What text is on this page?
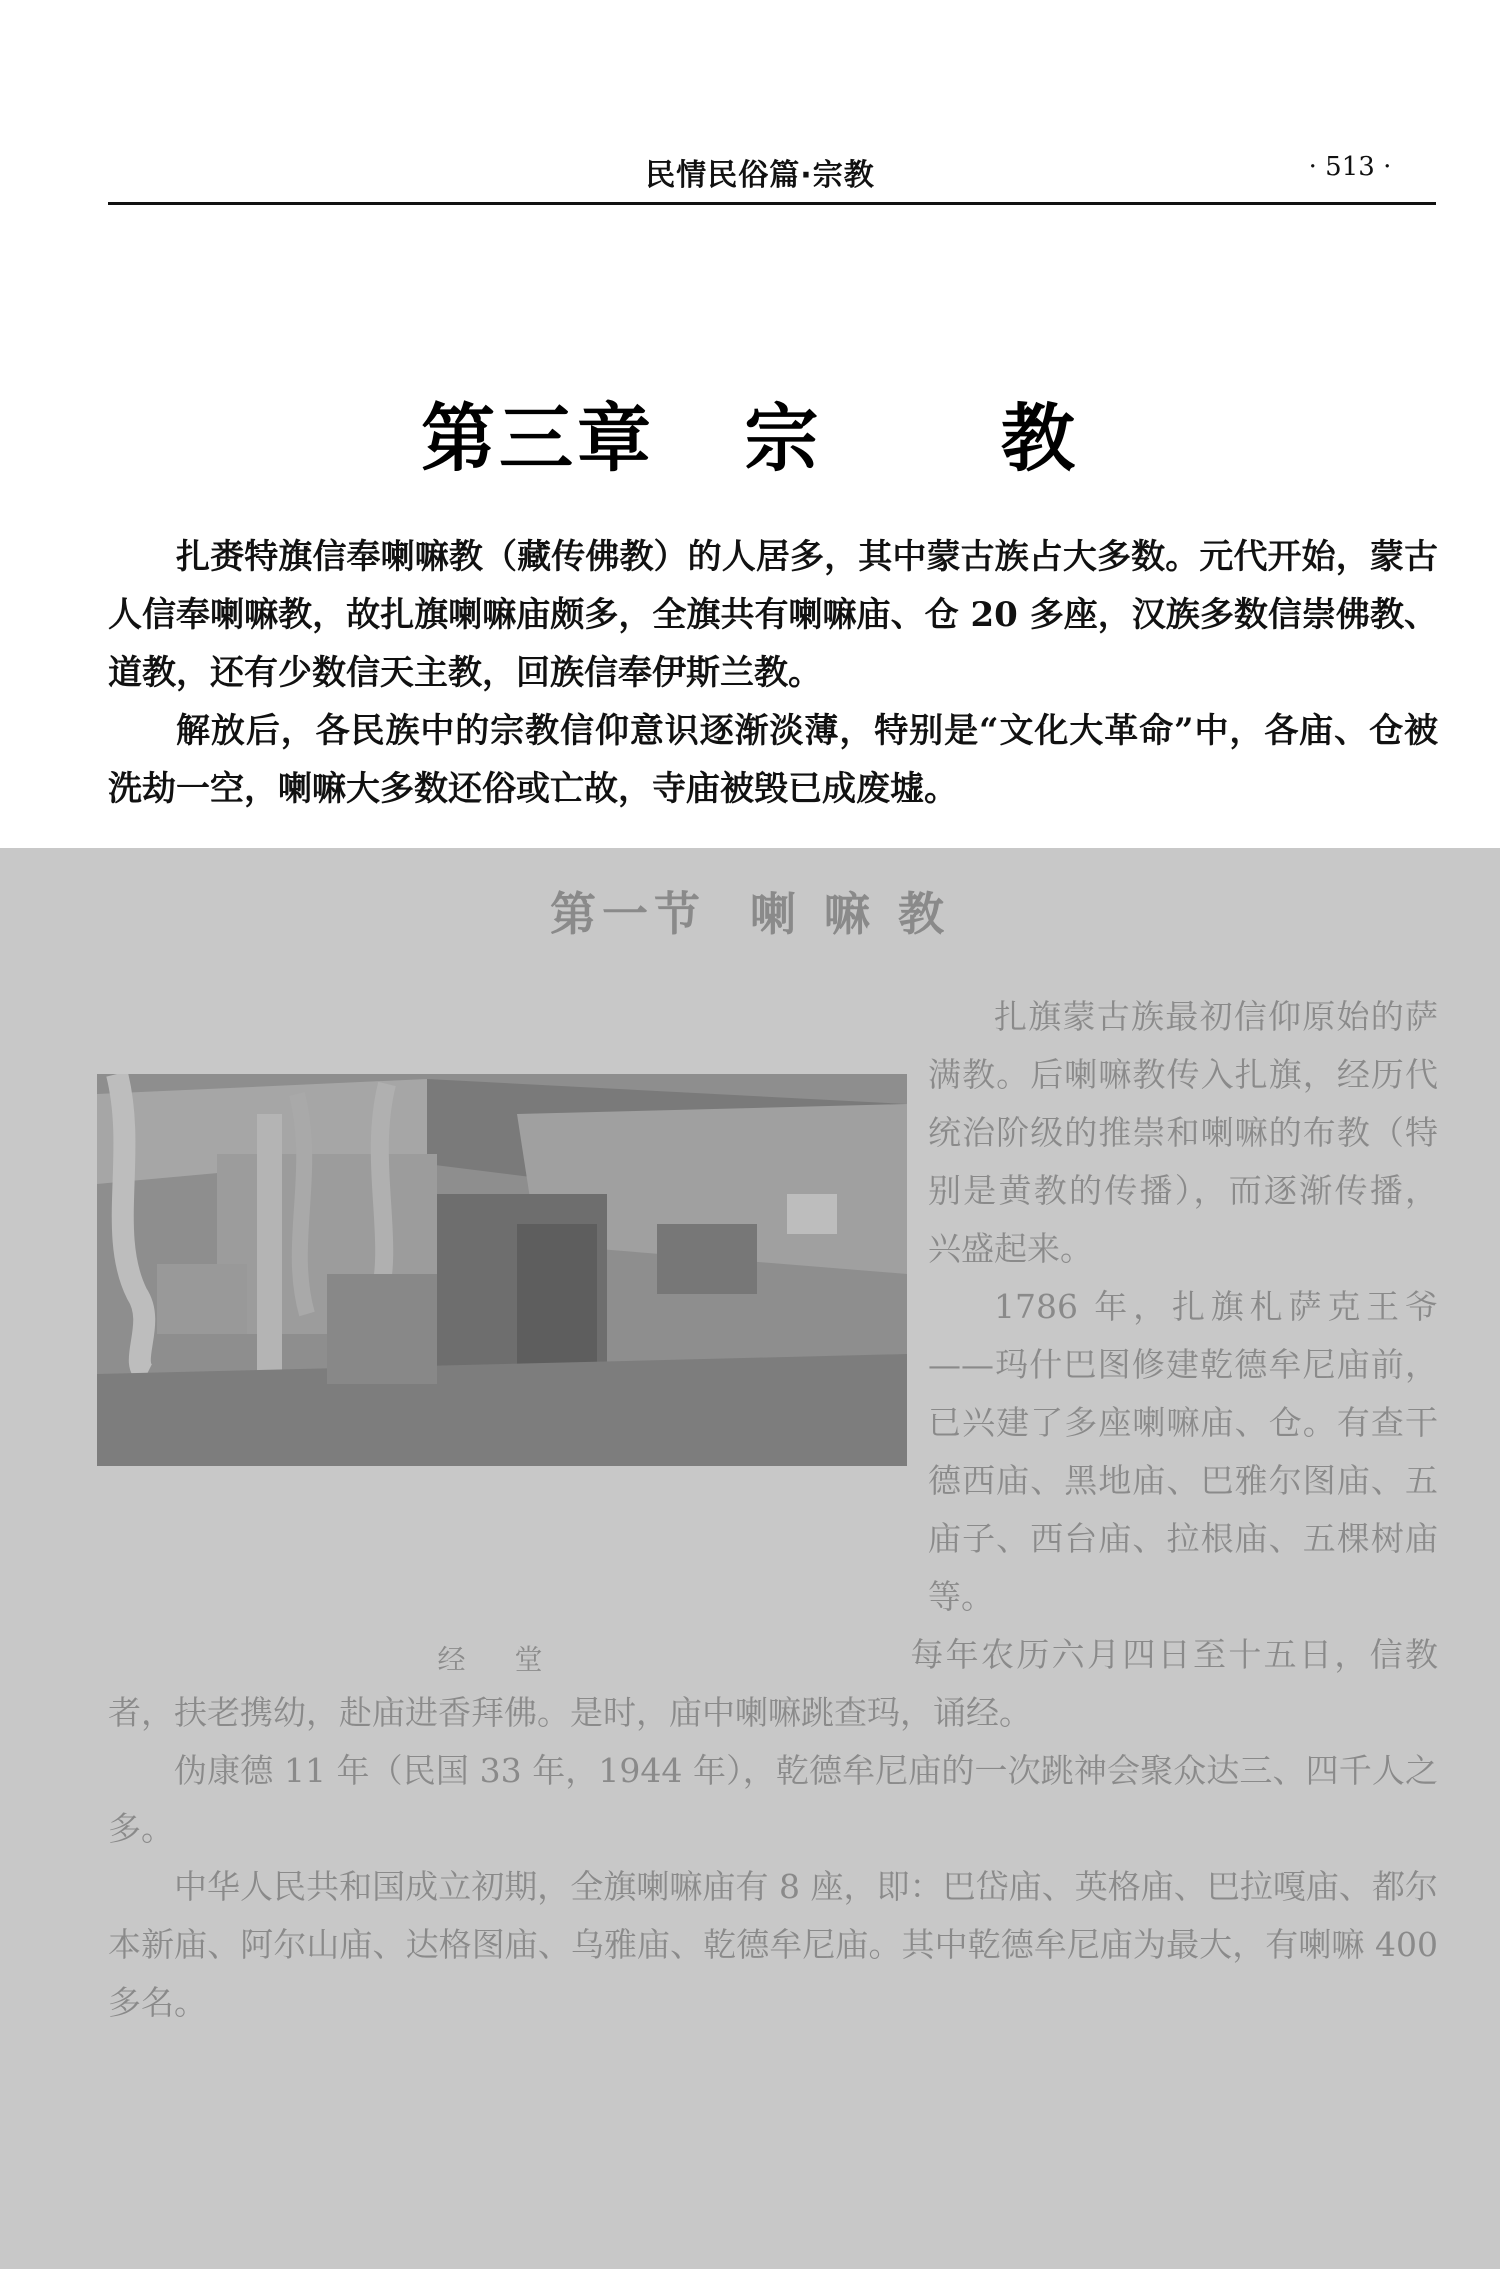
民情民俗篇·宗教	· 513 ·
第三章   宗      教

扎赉特旗信奉喇嘛教（藏传佛教）的人居多，其中蒙古族占大多数。元代开始，蒙古人信奉喇嘛教，故扎旗喇嘛庙颇多，全旗共有喇嘛庙、仓 20 多座，汉族多数信崇佛教、道教，还有少数信天主教，回族信奉伊斯兰教。

解放后，各民族中的宗教信仰意识逐渐淡薄，特别是“文化大革命”中，各庙、仓被洗劫一空，喇嘛大多数还俗或亡故，寺庙被毁已成废墟。

第一节  喇 嘛 教

扎旗蒙古族最初信仰原始的萨满教。后喇嘛教传入扎旗，经历代统治阶级的推崇和喇嘛的布教（特别是黄教的传播），而逐渐传播，兴盛起来。

1786 年，扎旗札萨克王爷——玛什巴图修建乾德牟尼庙前，已兴建了多座喇嘛庙、仓。有查干德西庙、黑地庙、巴雅尔图庙、五庙子、西台庙、拉根庙、五棵树庙等。

经 堂	每年农历六月四日至十五日，信教者，扶老携幼，赴庙进香拜佛。是时，庙中喇嘛跳查玛，诵经。

伪康德 11 年（民国 33 年，1944 年），乾德牟尼庙的一次跳神会聚众达三、四千人之多。

中华人民共和国成立初期，全旗喇嘛庙有 8 座，即：巴岱庙、英格庙、巴拉嘎庙、都尔本新庙、阿尔山庙、达格图庙、乌雅庙、乾德牟尼庙。其中乾德牟尼庙为最大，有喇嘛 400 多名。
